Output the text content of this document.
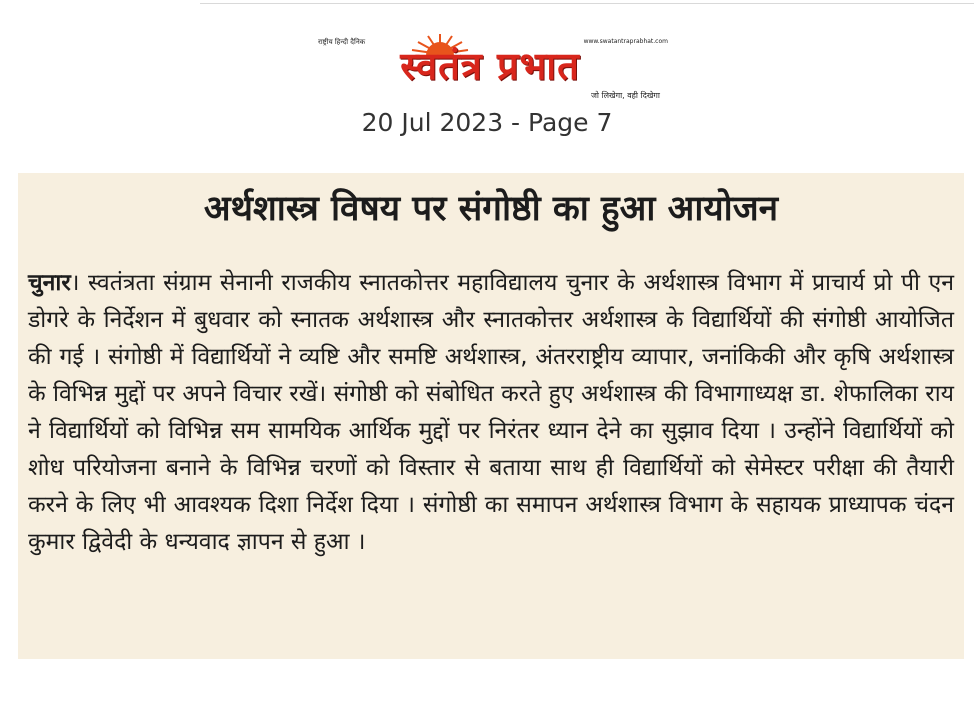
राष्ट्रीय हिन्दी दैनिक	www.swatantraprabhat.com
स्वतंत्र प्रभात
जो लिखेगा, वही दिखेगा
20 Jul 2023 - Page 7
अर्थशास्त्र विषय पर संगोष्ठी का हुआ आयोजन

चुनार। स्वतंत्रता संग्राम सेनानी राजकीय स्नातकोत्तर महाविद्यालय चुनार के अर्थशास्त्र विभाग में प्राचार्य प्रो पी एन डोगरे के निर्देशन में बुधवार को स्नातक अर्थशास्त्र और स्नातकोत्तर अर्थशास्त्र के विद्यार्थियों की संगोष्ठी आयोजित की गई । संगोष्ठी में विद्यार्थियों ने व्यष्टि और समष्टि अर्थशास्त्र, अंतरराष्ट्रीय व्यापार, जनांकिकी और कृषि अर्थशास्त्र के विभिन्न मुद्दों पर अपने विचार रखें। संगोष्ठी को संबोधित करते हुए अर्थशास्त्र की विभागाध्यक्ष डा. शेफालिका राय ने विद्यार्थियों को विभिन्न सम सामयिक आर्थिक मुद्दों पर निरंतर ध्यान देने का सुझाव दिया । उन्होंने विद्यार्थियों को शोध परियोजना बनाने के विभिन्न चरणों को विस्तार से बताया साथ ही विद्यार्थियों को सेमेस्टर परीक्षा की तैयारी करने के लिए भी आवश्यक दिशा निर्देश दिया । संगोष्ठी का समापन अर्थशास्त्र विभाग के सहायक प्राध्यापक चंदन कुमार द्विवेदी के धन्यवाद ज्ञापन से हुआ ।
